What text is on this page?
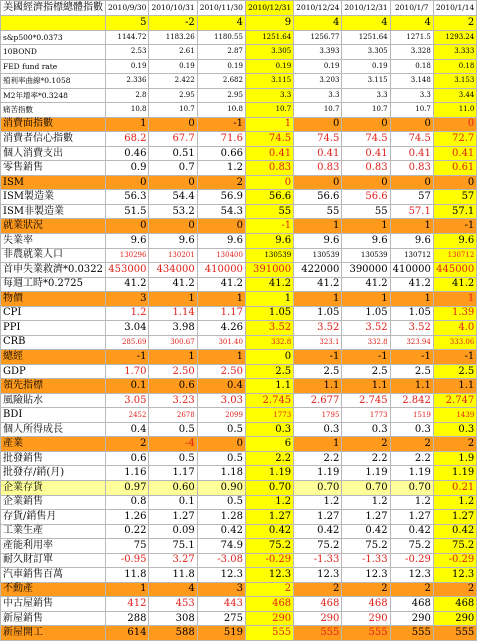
美國經濟指標總體指數	2010/9/30	2010/10/31	2010/11/30	2010/12/31	2010/12/24	2010/12/31	2010/1/7	2010/1/14
	5	-2	4	9	4	4	4	2
s&p500*0.0373	1144.72	1183.26	1180.55	1251.64	1256.77	1251.64	1271.5	1293.24
10BOND	2.53	2.61	2.87	3.305	3.393	3.305	3.328	3.333
FED fund rate	0.19	0.19	0.19	0.19	0.19	0.19	0.18	0.18
殖利率曲線*0.1058	2.336	2.422	2.682	3.115	3.203	3.115	3.148	3.153
M2年增率*0.3248	2.8	2.95	2.95	3.3	3.3	3.3	3.3	3.44
痛苦指數	10.8	10.7	10.8	10.7	10.7	10.7	10.7	11.0
消費面指數	1	0	-1	1	0	0	0	0
消費者信心指數	68.2	67.7	71.6	74.5	74.5	74.5	74.5	72.7
個人消費支出	0.46	0.51	0.66	0.41	0.41	0.41	0.41	0.41
零售銷售	0.9	0.7	1.2	0.83	0.83	0.83	0.83	0.61
ISM	0	0	2	0	0	0	0	0
ISM製造業	56.3	54.4	56.9	56.6	56.6	56.6	57	57
ISM非製造業	51.5	53.2	54.3	55	55	55	57.1	57.1
就業狀況	0	0	0	-1	1	1	1	-1
失業率	9.6	9.6	9.6	9.6	9.6	9.6	9.6	9.6
非農就業人口	130296	130201	130400	130539	130539	130539	130712	130712
首申失業救濟*0.0322	453000	434000	410000	391000	422000	390000	410000	445000
每週工時*0.2725	41.2	41.2	41.2	41.2	41.2	41.2	41.2	41.2
物價	3	1	1	1	1	1	1	1
CPI	1.2	1.14	1.17	1.05	1.05	1.05	1.05	1.39
PPI	3.04	3.98	4.26	3.52	3.52	3.52	3.52	4.0
CRB	285.69	300.67	301.40	332.8	323.1	332.8	323.94	333.06
總經	-1	1	1	0	-1	-1	-1	-1
GDP	1.70	2.50	2.50	2.5	2.5	2.5	2.5	2.5
領先指標	0.1	0.6	0.4	1.1	1.1	1.1	1.1	1.1
風險貼水	3.05	3.23	3.03	2.745	2.677	2.745	2.842	2.747
BDI	2452	2678	2099	1773	1795	1773	1519	1439
個人所得成長	0.4	0.5	0.5	0.3	0.3	0.3	0.3	0.3
產業	2	-4	0	6	1	2	2	2
批發銷售	0.6	0.5	0.5	2.2	2.2	2.2	2.2	1.9
批發存/銷(月)	1.16	1.17	1.18	1.19	1.19	1.19	1.19	1.19
企業存貨	0.97	0.60	0.90	0.70	0.70	0.70	0.70	0.21
企業銷售	0.8	0.1	0.5	1.2	1.2	1.2	1.2	1.2
存貨/銷售月	1.26	1.27	1.28	1.27	1.27	1.27	1.27	1.27
工業生產	0.22	0.09	0.42	0.42	0.42	0.42	0.42	0.42
產能利用率	75	75.1	74.9	75.2	75.2	75.2	75.2	75.2
耐久財訂單	-0.95	3.27	-3.08	-0.29	-1.33	-1.33	-0.29	-0.29
汽車銷售百萬	11.8	11.8	12.3	12.3	12.3	12.3	12.3	12.3
不動產	1	4	3	2	2	2	2	2
中古屋銷售	412	453	443	468	468	468	468	468
新屋銷售	288	308	275	290	290	290	290	290
新屋開工	614	588	519	555	555	555	555	555
